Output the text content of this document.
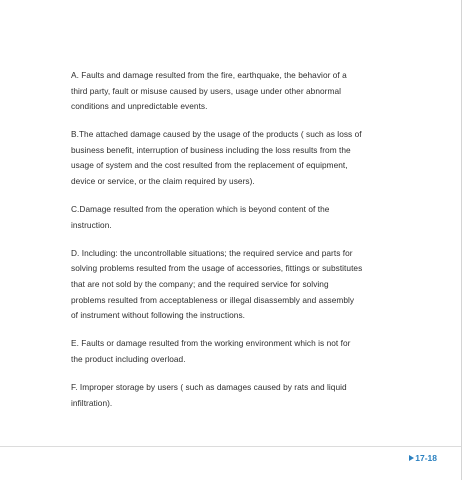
A. Faults and damage resulted from the fire, earthquake, the behavior of a
third party, fault or misuse caused by users, usage under other abnormal
conditions and unpredictable events.

B.The attached damage caused by the usage of the products ( such as loss of
business benefit, interruption of business including the loss results from the
usage of system and the cost resulted from the replacement of equipment,
device or service, or the claim required by users).

C.Damage resulted from the operation which is beyond content of the
instruction.

D. Including: the uncontrollable situations; the required service and parts for
solving problems resulted from the usage of accessories, fittings or substitutes
that are not sold by the company; and the required service for solving
problems resulted from acceptableness or illegal disassembly and assembly
of instrument without following the instructions.

E. Faults or damage resulted from the working environment which is not for
the product including overload.

F. Improper storage by users ( such as damages caused by rats and liquid
infiltration).

17-18
